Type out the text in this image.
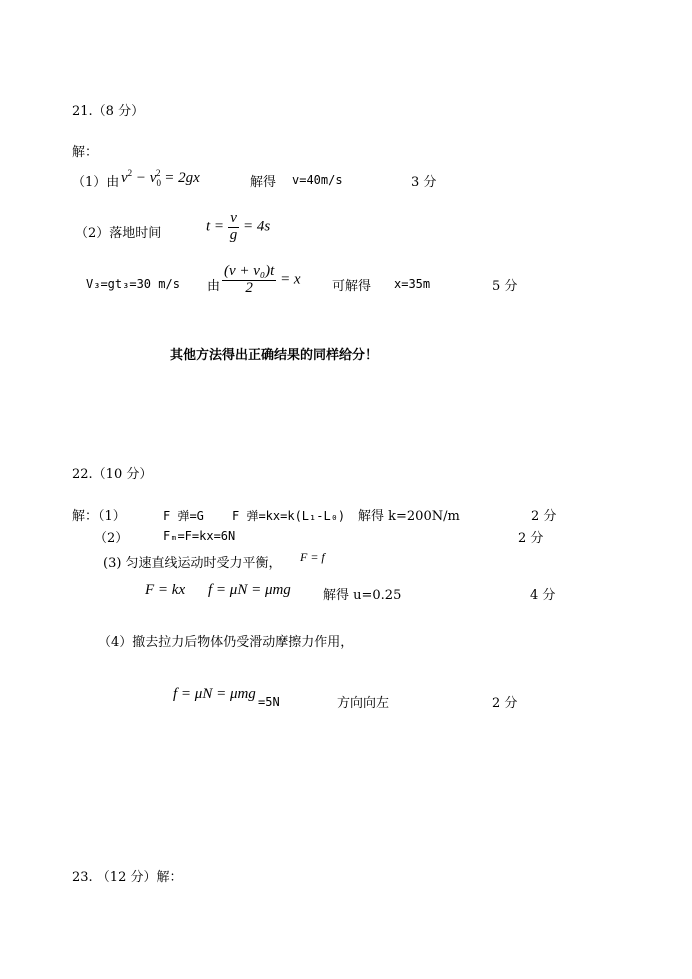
21.（8 分）
解：
（1）由 $v^2 - v_0^2 = 2gx$	解得 v=40m/s	3 分
（2）落地时间	$t = \frac{v}{g} = 4s$
V₃=gt₃=30 m/s 由 $\frac{\text{(v + v₀)t}}{2} = x$ 可解得 x=35m	5 分
其他方法得出正确结果的同样给分！
22.（10 分）
解：（1）	F 弹=G F 弹=kx=k(L₁-L₀) 解得 k=200N/m	2 分
（2）	Fₘ=F=kx=6N	2 分
(3) 匀速直线运动时受力平衡， F = f
F = kx f = μN = μmg 解得 u=0.25	4 分
（4）撤去拉力后物体仍受滑动摩擦力作用，
f = μN = μmg =5N	方向向左	2 分
23. （12 分）解：
